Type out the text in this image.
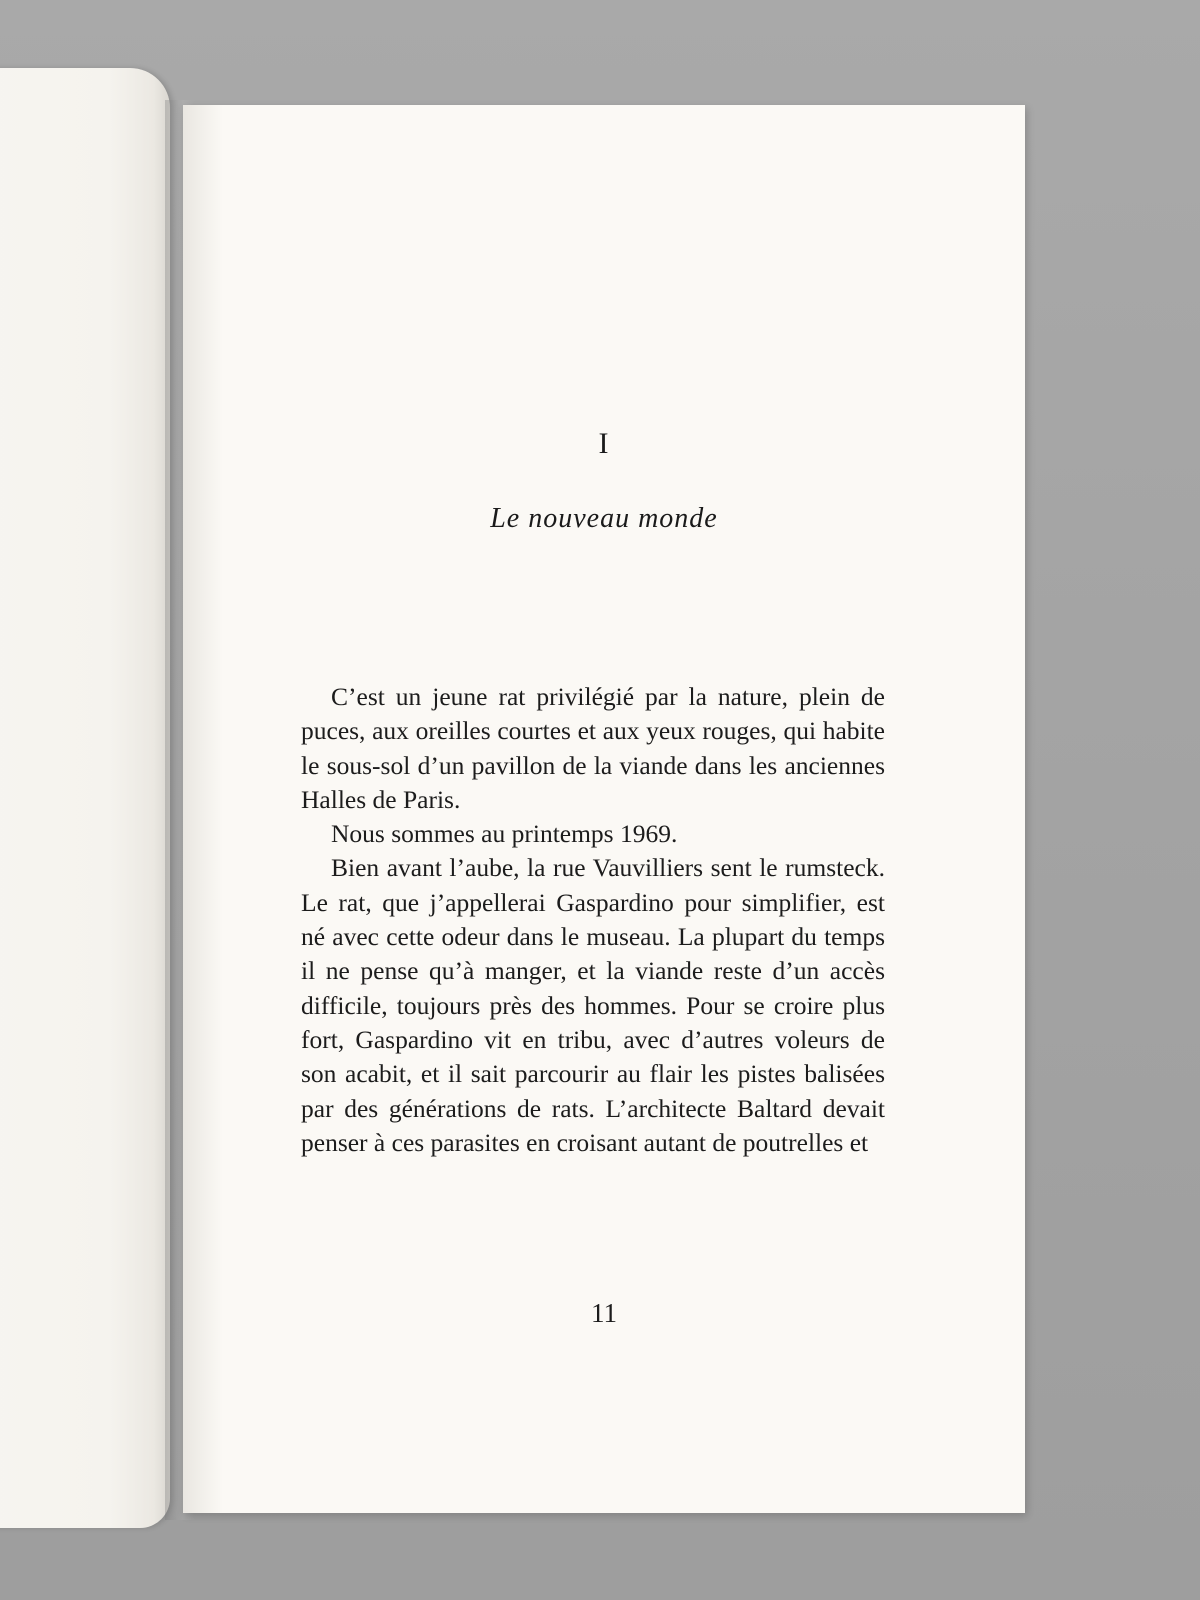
I
Le nouveau monde

C’est un jeune rat privilégié par la nature, plein de puces, aux oreilles courtes et aux yeux rouges, qui habite le sous-sol d’un pavillon de la viande dans les anciennes Halles de Paris.

Nous sommes au printemps 1969.

Bien avant l’aube, la rue Vauvilliers sent le rumsteck. Le rat, que j’appellerai Gaspardino pour simplifier, est né avec cette odeur dans le museau. La plupart du temps il ne pense qu’à manger, et la viande reste d’un accès difficile, toujours près des hommes. Pour se croire plus fort, Gaspardino vit en tribu, avec d’autres voleurs de son acabit, et il sait parcourir au flair les pistes balisées par des générations de rats. L’architecte Baltard devait penser à ces parasites en croisant autant de poutrelles et

11
